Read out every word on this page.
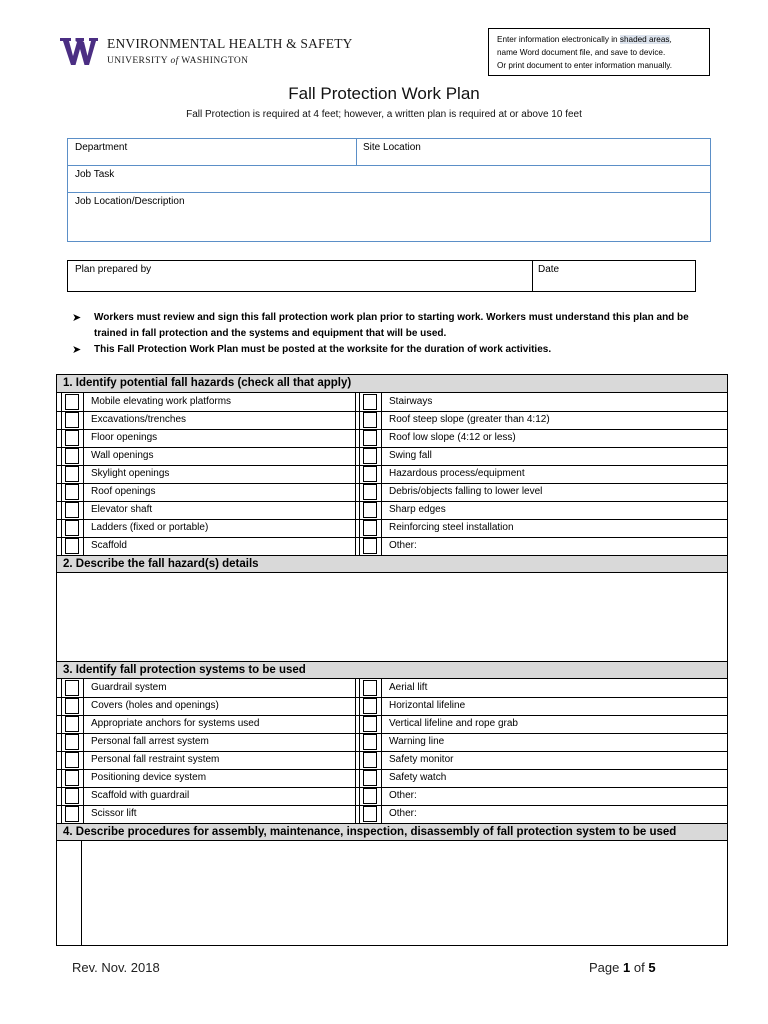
ENVIRONMENTAL HEALTH & SAFETY
UNIVERSITY of WASHINGTON
Enter information electronically in shaded areas,
name Word document file, and save to device.
Or print document to enter information manually.
Fall Protection Work Plan
Fall Protection is required at 4 feet; however, a written plan is required at or above 10 feet
Department	Site Location
Job Task
Job Location/Description
Plan prepared by	Date
➤ Workers must review and sign this fall protection work plan prior to starting work. Workers must understand this plan and be trained in fall protection and the systems and equipment that will be used.
➤ This Fall Protection Work Plan must be posted at the worksite for the duration of work activities.
1. Identify potential fall hazards (check all that apply)
Mobile elevating work platforms	Stairways
Excavations/trenches	Roof steep slope (greater than 4:12)
Floor openings	Roof low slope (4:12 or less)
Wall openings	Swing fall
Skylight openings	Hazardous process/equipment
Roof openings	Debris/objects falling to lower level
Elevator shaft	Sharp edges
Ladders (fixed or portable)	Reinforcing steel installation
Scaffold	Other:
2. Describe the fall hazard(s) details
3. Identify fall protection systems to be used
Guardrail system	Aerial lift
Covers (holes and openings)	Horizontal lifeline
Appropriate anchors for systems used	Vertical lifeline and rope grab
Personal fall arrest system	Warning line
Personal fall restraint system	Safety monitor
Positioning device system	Safety watch
Scaffold with guardrail	Other:
Scissor lift	Other:
4. Describe procedures for assembly, maintenance, inspection, disassembly of fall protection system to be used
Rev. Nov. 2018	Page 1 of 5
